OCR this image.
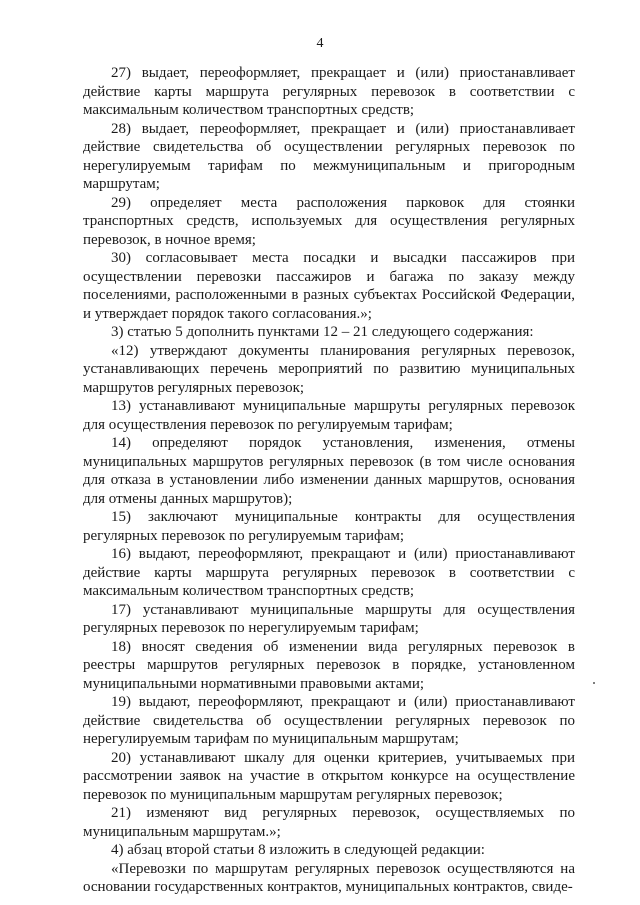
4

27) выдает, переоформляет, прекращает и (или) приостанавливает действие карты маршрута регулярных перевозок в соответствии с максимальным количеством транспортных средств;

28) выдает, переоформляет, прекращает и (или) приостанавливает действие свидетельства об осуществлении регулярных перевозок по нерегулируемым тарифам по межмуниципальным и пригородным маршрутам;

29) определяет места расположения парковок для стоянки транспортных средств, используемых для осуществления регулярных перевозок, в ночное время;

30) согласовывает места посадки и высадки пассажиров при осуществлении перевозки пассажиров и багажа по заказу между поселениями, расположенными в разных субъектах Российской Федерации, и утверждает порядок такого согласования.»;

3) статью 5 дополнить пунктами 12 – 21 следующего содержания:

«12) утверждают документы планирования регулярных перевозок, устанавливающих перечень мероприятий по развитию муниципальных маршрутов регулярных перевозок;

13) устанавливают муниципальные маршруты регулярных перевозок для осуществления перевозок по регулируемым тарифам;

14) определяют порядок установления, изменения, отмены муниципальных маршрутов регулярных перевозок (в том числе основания для отказа в установлении либо изменении данных маршрутов, основания для отмены данных маршрутов);

15) заключают муниципальные контракты для осуществления регулярных перевозок по регулируемым тарифам;

16) выдают, переоформляют, прекращают и (или) приостанавливают действие карты маршрута регулярных перевозок в соответствии с максимальным количеством транспортных средств;

17) устанавливают муниципальные маршруты для осуществления регулярных перевозок по нерегулируемым тарифам;

18) вносят сведения об изменении вида регулярных перевозок в реестры маршрутов регулярных перевозок в порядке, установленном муниципальными нормативными правовыми актами;

19) выдают, переоформляют, прекращают и (или) приостанавливают действие свидетельства об осуществлении регулярных перевозок по нерегулируемым тарифам по муниципальным маршрутам;

20) устанавливают шкалу для оценки критериев, учитываемых при рассмотрении заявок на участие в открытом конкурсе на осуществление перевозок по муниципальным маршрутам регулярных перевозок;

21) изменяют вид регулярных перевозок, осуществляемых по муниципальным маршрутам.»;

4) абзац второй статьи 8 изложить в следующей редакции:

«Перевозки по маршрутам регулярных перевозок осуществляются на основании государственных контрактов, муниципальных контрактов, свиде-
